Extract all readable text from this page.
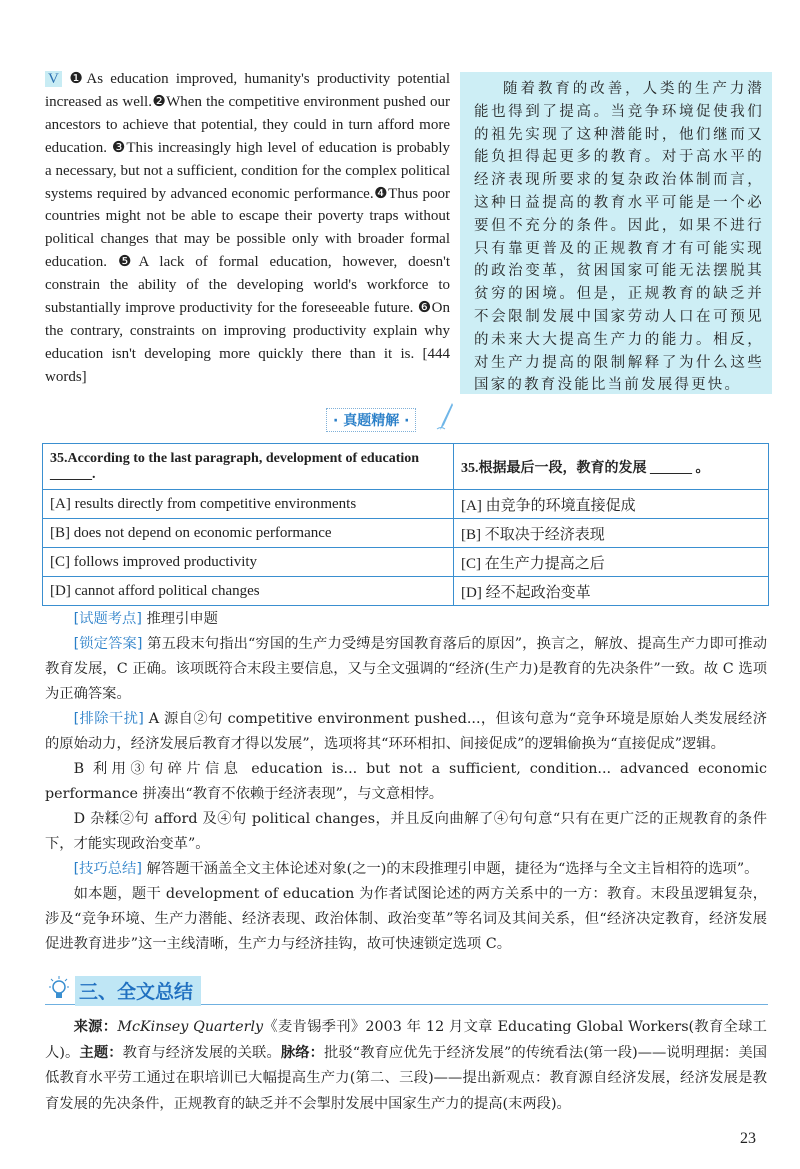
V ❶As education improved, humanity's productivity potential increased as well.❷When the competitive environment pushed our ancestors to achieve that potential, they could in turn afford more education. ❸This increasingly high level of education is probably a necessary, but not a sufficient, condition for the complex political systems required by advanced economic performance.❹Thus poor countries might not be able to escape their poverty traps without political changes that may be possible only with broader formal education. ❺A lack of formal education, however, doesn't constrain the ability of the developing world's workforce to substantially improve productivity for the foreseeable future. ❻On the contrary, constraints on improving productivity explain why education isn't developing more quickly there than it is. [444 words]
随着教育的改善，人类的生产力潜能也得到了提高。当竞争环境促使我们的祖先实现了这种潜能时，他们继而又能负担得起更多的教育。对于高水平的经济表现所要求的复杂政治体制而言，这种日益提高的教育水平可能是一个必要但不充分的条件。因此，如果不进行只有靠更普及的正规教育才有可能实现的政治变革，贫困国家可能无法摆脱其贫穷的困境。但是，正规教育的缺乏并不会限制发展中国家劳动人口在可预见的未来大大提高生产力的能力。相反，对生产力提高的限制解释了为什么这些国家的教育没能比当前发展得更快。
· 真题精解 ·
35.According to the last paragraph, development of education ______.	35.根据最后一段，教育的发展 ______ 。
[A] results directly from competitive environments	[A] 由竞争的环境直接促成
[B] does not depend on economic performance	[B] 不取决于经济表现
[C] follows improved productivity	[C] 在生产力提高之后
[D] cannot afford political changes	[D] 经不起政治变革

[试题考点] 推理引申题

[锁定答案] 第五段末句指出“穷国的生产力受缚是穷国教育落后的原因”，换言之，解放、提高生产力即可推动教育发展，C 正确。该项既符合末段主要信息，又与全文强调的“经济(生产力)是教育的先决条件”一致。故 C 选项为正确答案。

[排除干扰] A 源自②句 competitive environment pushed...，但该句意为“竞争环境是原始人类发展经济的原始动力，经济发展后教育才得以发展”，选项将其“环环相扣、间接促成”的逻辑偷换为“直接促成”逻辑。

B 利用③句碎片信息 education is... but not a sufficient, condition... advanced economic performance 拼凑出“教育不依赖于经济表现”，与文意相悖。

D 杂糅②句 afford 及④句 political changes，并且反向曲解了④句句意“只有在更广泛的正规教育的条件下，才能实现政治变革”。

[技巧总结] 解答题干涵盖全文主体论述对象(之一)的末段推理引申题，捷径为“选择与全文主旨相符的选项”。

如本题，题干 development of education 为作者试图论述的两方关系中的一方：教育。末段虽逻辑复杂，涉及“竞争环境、生产力潜能、经济表现、政治体制、政治变革”等名词及其间关系，但“经济决定教育，经济发展促进教育进步”这一主线清晰，生产力与经济挂钩，故可快速锁定选项 C。

三、全文总结

来源：McKinsey Quarterly《麦肯锡季刊》2003 年 12 月文章 Educating Global Workers(教育全球工人)。主题：教育与经济发展的关联。脉络：批驳“教育应优先于经济发展”的传统看法(第一段)——说明理据：美国低教育水平劳工通过在职培训已大幅提高生产力(第二、三段)——提出新观点：教育源自经济发展，经济发展是教育发展的先决条件，正规教育的缺乏并不会掣肘发展中国家生产力的提高(末两段)。

23
